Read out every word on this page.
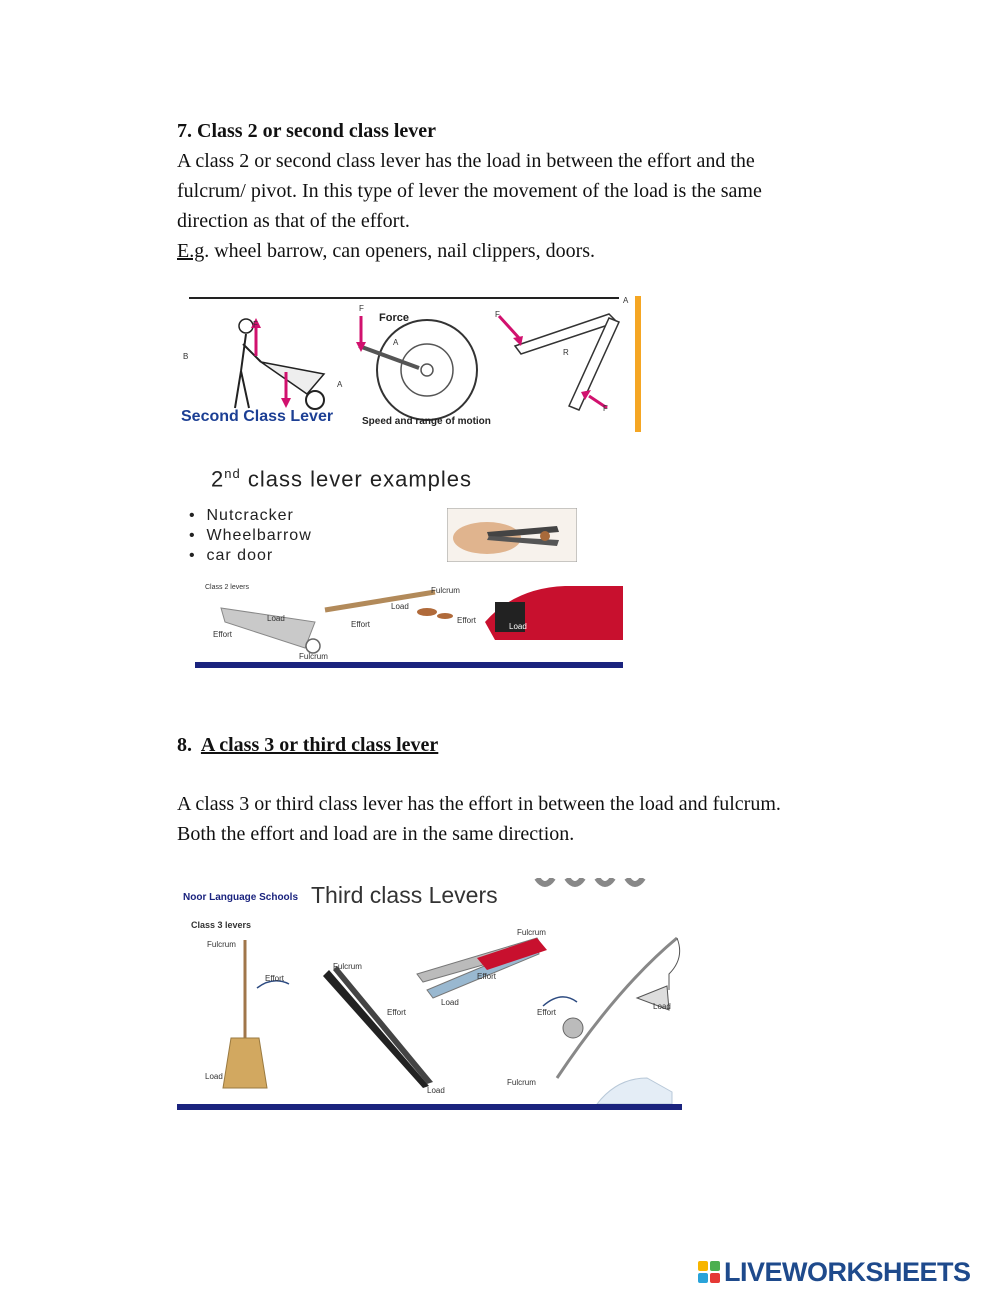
7. Class 2 or second class lever
A class 2 or second class lever has the load in between the effort and the
fulcrum/ pivot. In this type of lever the movement of the load is the same
direction as that of the effort.
E.g. wheel barrow, can openers, nail clippers, doors.
F
A
B
F
A
F
R
F
A
Force
Second Class Lever	Speed and range of motion
2nd class lever examples
•  Nutcracker
•  Wheelbarrow
•  car door
Class 2 levers
Effort
Load
Fulcrum
Effort
Load
Fulcrum
Effort
Load
8.  A class 3 or third class lever
A class 3 or third class lever has the effort in between the load and fulcrum.
Both the effort and load are in the same direction.
Noor Language Schools Third class Levers
Class 3 levers
Fulcrum
Effort
Load
Fulcrum
Effort
Load
Fulcrum
Effort
Load
Effort
Load
Fulcrum
LIVEWORKSHEETS
